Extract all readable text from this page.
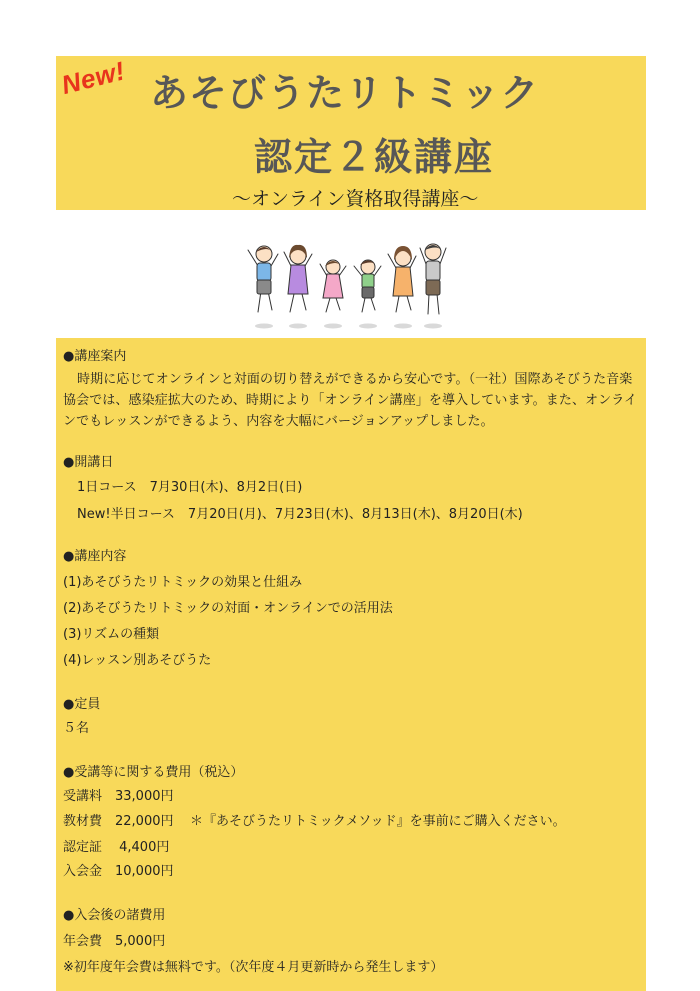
New! あそびうたリトミック
認定２級講座
〜オンライン資格取得講座〜
●講座案内
時期に応じてオンラインと対面の切り替えができるから安心です。（一社）国際あそびうた音楽協会では、感染症拡大のため、時期により「オンライン講座」を導入しています。また、オンラインでもレッスンができるよう、内容を大幅にバージョンアップしました。
●開講日
1日コース　7月30日(木)、8月2日(日)
New!半日コース　7月20日(月)、7月23日(木)、8月13日(木)、8月20日(木)
●講座内容
(1)あそびうたリトミックの効果と仕組み
(2)あそびうたリトミックの対面・オンラインでの活用法
(3)リズムの種類
(4)レッスン別あそびうた
●定員
５名
●受講等に関する費用（税込）
受講料　33,000円
教材費　22,000円 ＊『あそびうたリトミックメソッド』を事前にご購入ください。
認定証　 4,400円
入会金　10,000円
●入会後の諸費用
年会費　5,000円
※初年度年会費は無料です。（次年度４月更新時から発生します）
